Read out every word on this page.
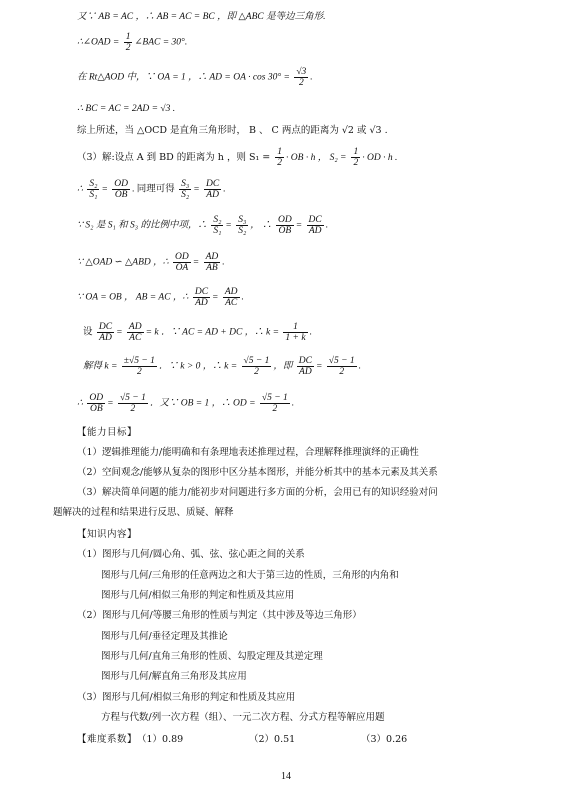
又∵ AB = AC ，∴ AB = AC = BC ，即 △ABC 是等边三角形.
∴∠OAD = $\frac{1}{2}$ ∠BAC = 30°.
在 Rt△AOD 中，∵ OA = 1 ，∴ AD = OA · $\cos 30^\circ = \frac{√3}{2}$ .
∴ BC = AC = 2AD = √3 .
综上所述，当 △OCD 是直角三角形时， B 、 C 两点的距离为 √2 或 √3 .
（3）解:设点 A 到 BD 的距离为 h ，则 $S_1 = \frac{1}{2}$ · OB · h ， $S_2 = \frac{1}{2}$ · OD · h .
∴ $\frac{\text{S₂}}{\text{S₁}} = \frac{OD}{OB}$ . 同理可得 $\frac{\text{S₃}}{\text{S₂}} = \frac{DC}{AD}$ .
∵ S₂ 是 S₁ 和 S₃ 的比例中项，∴ $\frac{\text{S₂}}{\text{S₁}} = \frac{\text{S₃}}{\text{S₂}}$ ， ∴ $\frac{OD}{OB} = \frac{DC}{AD}$ .
∵ △OAD ∽ △ABD ，∴ $\frac{OD}{OA} = \frac{AD}{AB}$ .
∵ OA = OB ， AB = AC ，∴ $\frac{DC}{AD} = \frac{AD}{AC}$ .
设 $\frac{DC}{AD} = \frac{AD}{AC} = k$ ．∵ AC = AD + DC ，∴ $k = \frac{1}{1 + k}$ .
解得 $k = \frac{\pm√5 - 1}{2}$ ．∵ k > 0 ，∴ $k = \frac{√5 - 1}{2}$ ，即 $\frac{DC}{AD} = \frac{√5 - 1}{2}$ .
∴ $\frac{OD}{OB} = \frac{√5 - 1}{2}$ ．又∵ OB = 1 ，∴ OD = $\frac{√5 - 1}{2}$ .
【能力目标】
（1）逻辑推理能力/能明确和有条理地表述推理过程，合理解释推理演绎的正确性
（2）空间观念/能够从复杂的图形中区分基本图形，并能分析其中的基本元素及其关系
（3）解决简单问题的能力/能初步对问题进行多方面的分析，会用已有的知识经验对问
题解决的过程和结果进行反思、质疑、解释
【知识内容】
（1）图形与几何/圆心角、弧、弦、弦心距之间的关系
图形与几何/三角形的任意两边之和大于第三边的性质，三角形的内角和
图形与几何/相似三角形的判定和性质及其应用
（2）图形与几何/等腰三角形的性质与判定（其中涉及等边三角形）
图形与几何/垂径定理及其推论
图形与几何/直角三角形的性质、勾股定理及其逆定理
图形与几何/解直角三角形及其应用
（3）图形与几何/相似三角形的判定和性质及其应用
方程与代数/列一次方程（组）、一元二次方程、分式方程等解应用题
【难度系数】（1）0.89	（2）0.51	（3）0.26
14
